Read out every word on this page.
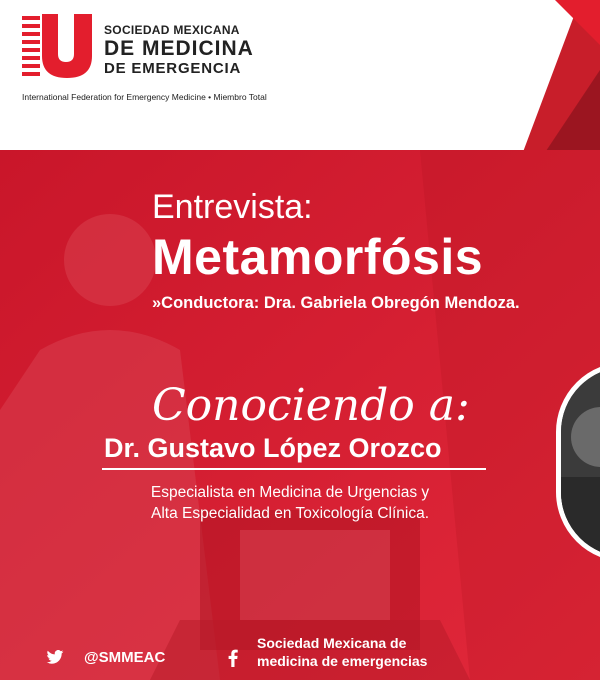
SOCIEDAD MEXICANA
DE MEDICINA
DE EMERGENCIA
International Federation for Emergency Medicine • Miembro Total
Entrevista:
Metamorfósis
»Conductora: Dra. Gabriela Obregón Mendoza.
Conociendo a:
Dr. Gustavo López Orozco
Especialista en Medicina de Urgencias y
Alta Especialidad en Toxicología Clínica.
@SMMEAC
Sociedad Mexicana de
medicina de emergencias
